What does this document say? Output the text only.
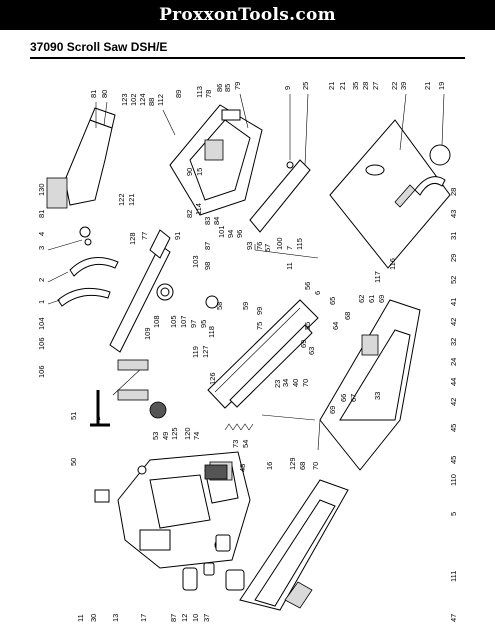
ProxxonTools.com
37090 Scroll Saw DSH/E
81 80 123 102 124 88 112
89 113 78
86 85 79	9 25 21 21 35 28 27 22 39 21 19
130
81
122 121
82 114
83 84
90 15
91
87
77
128
4
3
2
1
104
106
106
108
109
105 107 97 95
98
103
101 94 96
93 76 57
59
58
99
116
75
118
119 127
126
55
56
6
11
7 115
100
117
69
62 61
65
64
63
67
66
68
69
70
40
34
28
43
31
29
52
41
42
32
33
24
44
42
45
45
110
5
111
47
51
50
53 49 125 120 74
73 54
48 16 129 68 70
69
23
11 30 13	17	87 12 10 37
